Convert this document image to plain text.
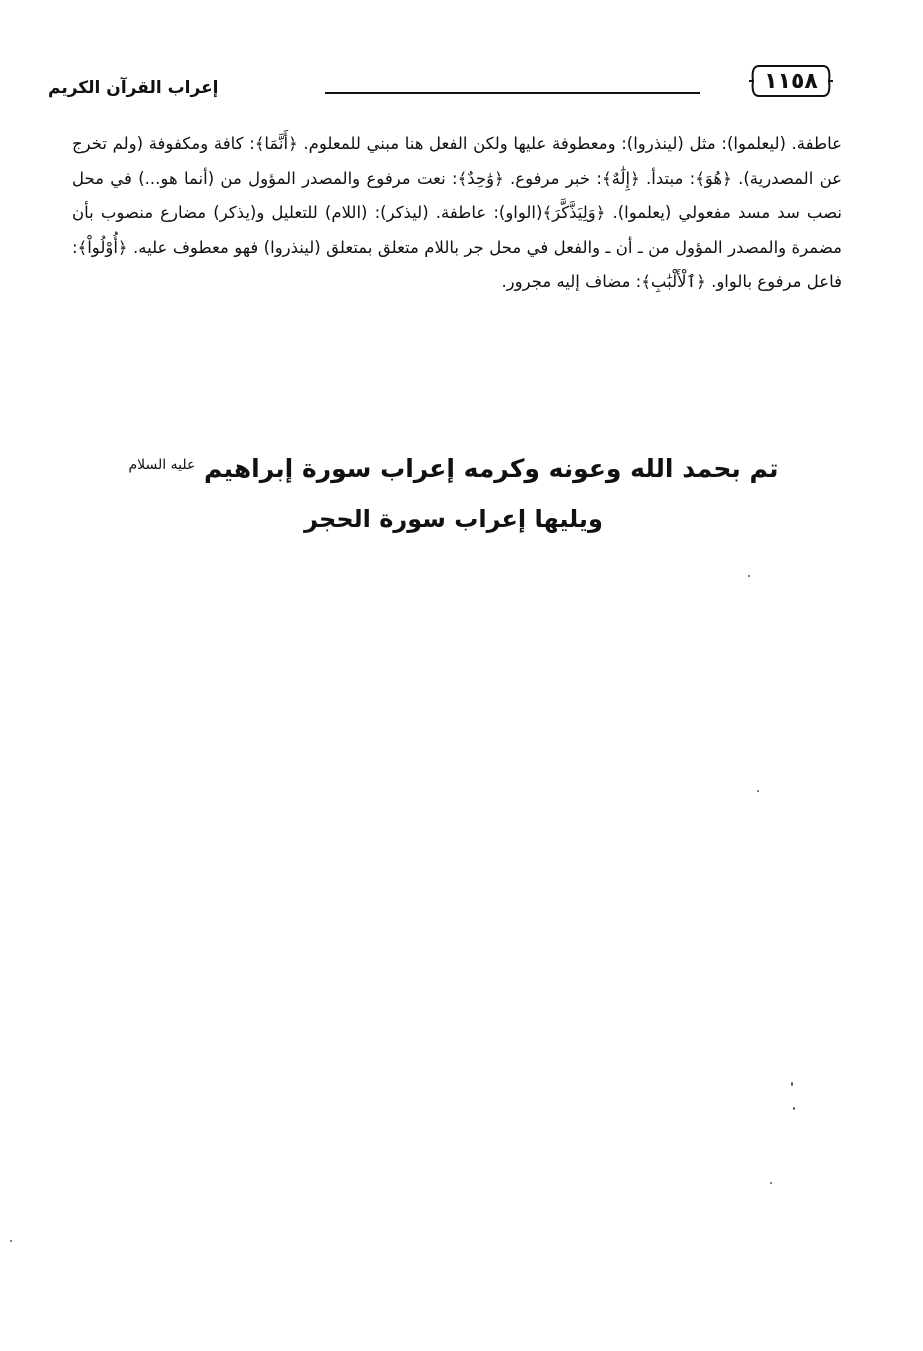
١١٥٨
إعراب القرآن الكريم

عاطفة. (ليعلموا): مثل (لينذروا): ومعطوفة عليها ولكن الفعل هنا مبني للمعلوم. ﴿أَنَّمَا﴾: كافة ومكفوفة (ولم تخرج عن المصدرية). ﴿هُوَ﴾: مبتدأ. ﴿إِلَٰهٌ﴾: خبر مرفوع. ﴿وَٰحِدٌ﴾: نعت مرفوع والمصدر المؤول من (أنما هو...) في محل نصب سد مسد مفعولي (يعلموا). ﴿وَلِيَذَّكَّرَ﴾(الواو): عاطفة. (ليذكر): (اللام) للتعليل و(يذكر) مضارع منصوب بأن مضمرة والمصدر المؤول من ـ أن ـ والفعل في محل جر باللام متعلق بمتعلق (لينذروا) فهو معطوف عليه. ﴿أُوْلُواْ﴾: فاعل مرفوع بالواو. ﴿ٱلْأَلْبَٰبِ﴾: مضاف إليه مجرور.

تم بحمد الله وعونه وكرمه إعراب سورة إبراهيم $^{عليه السلام}$
ويليها إعراب سورة الحجر
